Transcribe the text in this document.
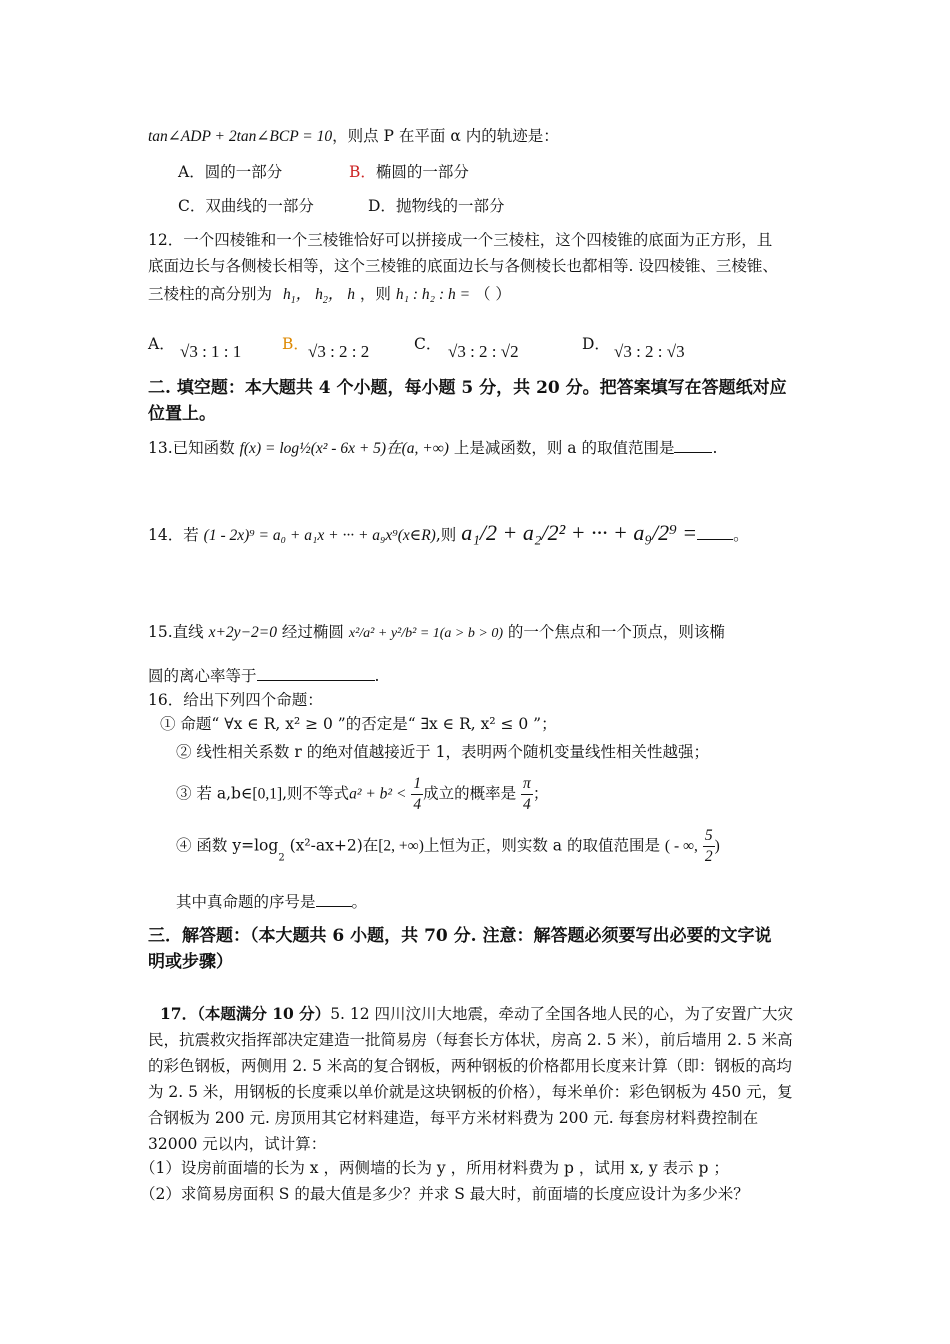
tan∠ADP + 2tan∠BCP = 10，则点 P 在平面 α 内的轨迹是：
A．圆的一部分	B．椭圆的一部分
C．双曲线的一部分	D．抛物线的一部分
12．一个四棱锥和一个三棱锥恰好可以拼接成一个三棱柱，这个四棱锥的底面为正方形，且
底面边长与各侧棱长相等，这个三棱锥的底面边长与各侧棱长也都相等. 设四棱锥、三棱锥、
三棱柱的高分别为 $h_1$， $h_2$， h ，则 h₁ : h₂ : h = （ ）
A． √3 : 1 : 1	B． √3 : 2 : 2	C． √3 : 2 : √2	D． √3 : 2 : √3
二. 填空题：本大题共 4 个小题，每小题 5 分，共 20 分。把答案填写在答题纸对应
位置上。
13.已知函数 f(x) = log½(x² - 6x + 5)在(a, +∞) 上是减函数，则 a 的取值范围是 .
14．若 (1 - 2x)⁹ = a₀ + a₁x + ··· + a₉x⁹(x∈R),则 a₁/2 + a₂/2² + ··· + a₉/2⁹ = 。
15.直线 x+2y−2=0 经过椭圆 x²/a² + y²/b² = 1(a > b > 0) 的一个焦点和一个顶点，则该椭
圆的离心率等于	.
16．给出下列四个命题：
① 命题“ ∀x ∈ R, x² ≥ 0 ”的否定是“ ∃x ∈ R, x² ≤ 0 ”；
② 线性相关系数 r 的绝对值越接近于 1，表明两个随机变量线性相关性越强；
③ 若 a,b∈[0,1],则不等式$a^2 + b^2 < \frac{1}{4}$ 成立的概率是 $\frac{\pi}{4}$ ；
④ 函数 $y=\log_2$ (x²-ax+2)在[2, +∞)上恒为正，则实数 a 的取值范围是 ( - ∞, $\frac{5}{2}$ )
其中真命题的序号是 。
三．解答题：（本大题共 6 小题，共 70 分. 注意：解答题必须要写出必要的文字说
明或步骤）
17．（本题满分 10 分）5. 12 四川汶川大地震，牵动了全国各地人民的心，为了安置广大灾
民，抗震救灾指挥部决定建造一批简易房（每套长方体状，房高 2. 5 米），前后墙用 2. 5 米高
的彩色钢板，两侧用 2. 5 米高的复合钢板，两种钢板的价格都用长度来计算（即：钢板的高均
为 2. 5 米，用钢板的长度乘以单价就是这块钢板的价格），每米单价：彩色钢板为 450 元，复
合钢板为 200 元. 房顶用其它材料建造，每平方米材料费为 200 元. 每套房材料费控制在
32000 元以内，试计算：
（1）设房前面墙的长为 x ，两侧墙的长为 y ，所用材料费为 p ，试用 x, y 表示 p ；
（2）求简易房面积 S 的最大值是多少？并求 S 最大时，前面墙的长度应设计为多少米？
